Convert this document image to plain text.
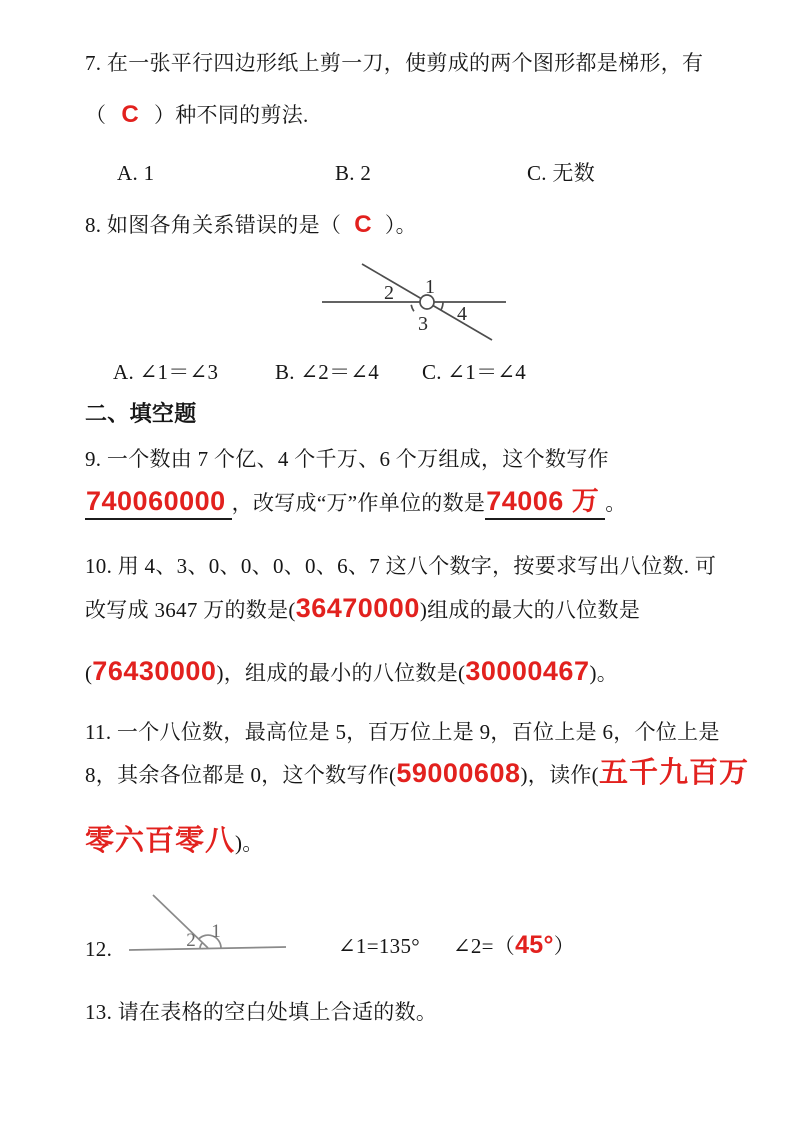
7. 在一张平行四边形纸上剪一刀，使剪成的两个图形都是梯形，有
（ C ）种不同的剪法.
A. 1	B. 2	C. 无数
8. 如图各角关系错误的是（ C ）。
1
2
3 4
A. ∠1＝∠3	B. ∠2＝∠4 C. ∠1＝∠4
二、填空题
9. 一个数由 7 个亿、4 个千万、6 个万组成，这个数写作
740060000 ，改写成“万”作单位的数是74006 万 。
10. 用 4、3、0、0、0、0、6、7 这八个数字，按要求写出八位数. 可
改写成 3647 万的数是(36470000)组成的最大的八位数是
(76430000)，组成的最小的八位数是(30000467)。
11. 一个八位数，最高位是 5，百万位上是 9，百位上是 6，个位上是
8，其余各位都是 0，这个数写作(59000608)，读作(五千九百万
零六百零八)。
12.	2 1
∠1=135° ∠2=（45°）
13. 请在表格的空白处填上合适的数。
